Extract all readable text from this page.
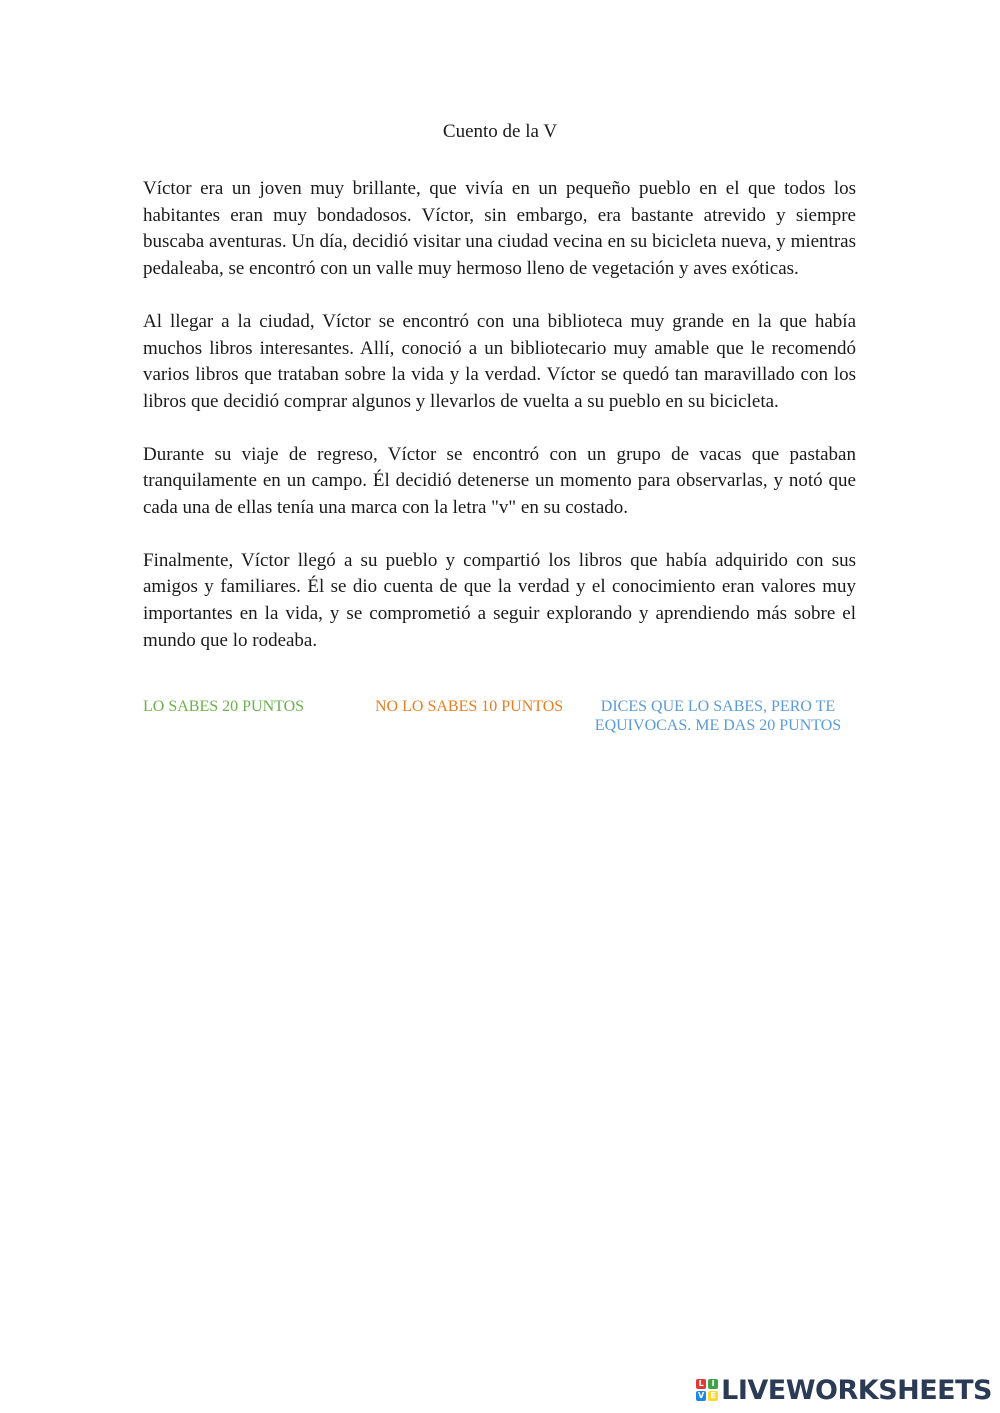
Cuento de la V

Víctor era un joven muy brillante, que vivía en un pequeño pueblo en el que todos los habitantes eran muy bondadosos. Víctor, sin embargo, era bastante atrevido y siempre buscaba aventuras. Un día, decidió visitar una ciudad vecina en su bicicleta nueva, y mientras pedaleaba, se encontró con un valle muy hermoso lleno de vegetación y aves exóticas.

Al llegar a la ciudad, Víctor se encontró con una biblioteca muy grande en la que había muchos libros interesantes. Allí, conoció a un bibliotecario muy amable que le recomendó varios libros que trataban sobre la vida y la verdad. Víctor se quedó tan maravillado con los libros que decidió comprar algunos y llevarlos de vuelta a su pueblo en su bicicleta.

Durante su viaje de regreso, Víctor se encontró con un grupo de vacas que pastaban tranquilamente en un campo. Él decidió detenerse un momento para observarlas, y notó que cada una de ellas tenía una marca con la letra "v" en su costado.

Finalmente, Víctor llegó a su pueblo y compartió los libros que había adquirido con sus amigos y familiares. Él se dio cuenta de que la verdad y el conocimiento eran valores muy importantes en la vida, y se comprometió a seguir explorando y aprendiendo más sobre el mundo que lo rodeaba.

LO SABES 20 PUNTOS	NO LO SABES 10 PUNTOS	DICES QUE LO SABES, PERO TE
EQUIVOCAS. ME DAS 20 PUNTOS
L I
V E LIVEWORKSHEETS
